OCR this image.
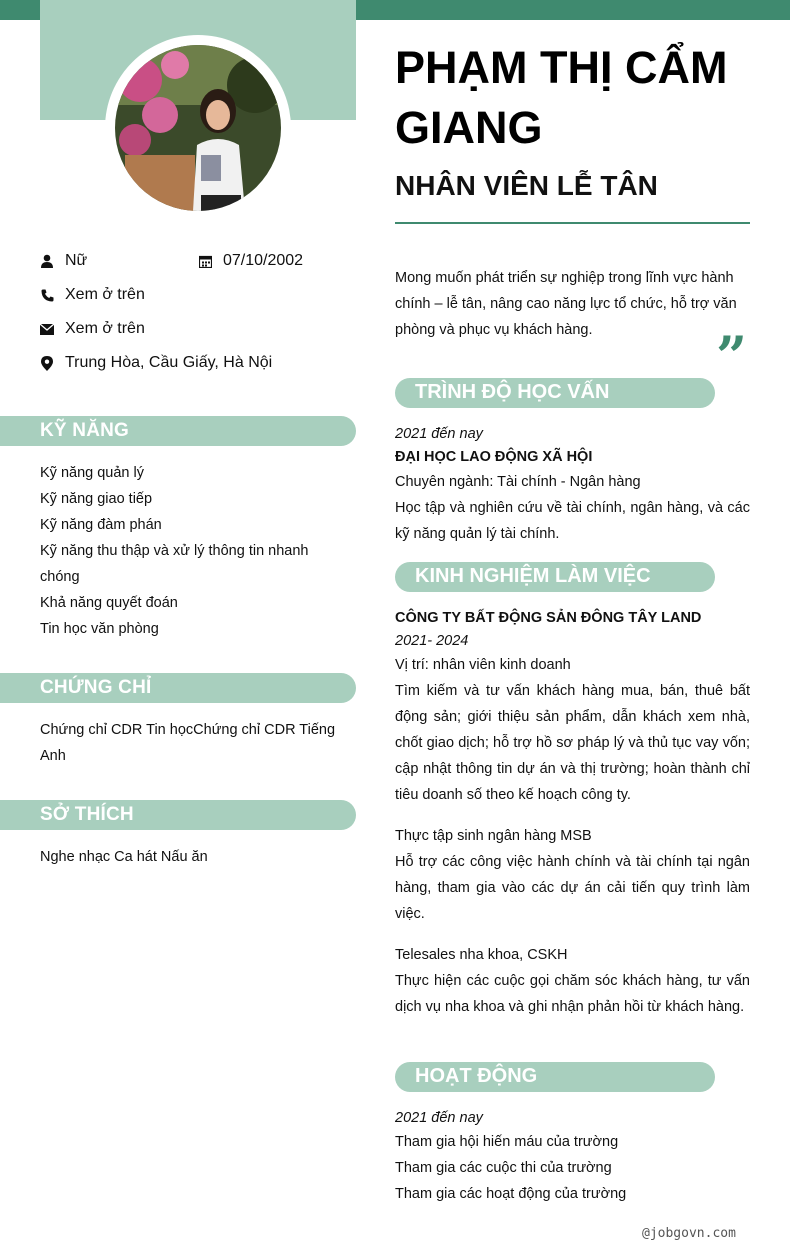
Nữ	07/10/2002
Xem ở trên
Xem ở trên
Trung Hòa, Cầu Giấy, Hà Nội
KỸ NĂNG
Kỹ năng quản lý
Kỹ năng giao tiếp
Kỹ năng đàm phán
Kỹ năng thu thập và xử lý thông tin nhanh chóng
Khả năng quyết đoán
Tin học văn phòng
CHỨNG CHỈ
Chứng chỉ CDR Tin họcChứng chỉ CDR Tiếng Anh
SỞ THÍCH
Nghe nhạc Ca hát Nấu ăn
PHẠM THỊ CẨM GIANG
NHÂN VIÊN LỄ TÂN
Mong muốn phát triển sự nghiệp trong lĩnh vực hành chính – lễ tân, nâng cao năng lực tổ chức, hỗ trợ văn phòng và phục vụ khách hàng.	”
TRÌNH ĐỘ HỌC VẤN
2021 đến nay
ĐẠI HỌC LAO ĐỘNG XÃ HỘI
Chuyên ngành: Tài chính - Ngân hàng
Học tập và nghiên cứu về tài chính, ngân hàng, và các kỹ năng quản lý tài chính.
KINH NGHIỆM LÀM VIỆC
CÔNG TY BẤT ĐỘNG SẢN ĐÔNG TÂY LAND
2021- 2024
Vị trí: nhân viên kinh doanh
Tìm kiếm và tư vấn khách hàng mua, bán, thuê bất động sản; giới thiệu sản phẩm, dẫn khách xem nhà, chốt giao dịch; hỗ trợ hồ sơ pháp lý và thủ tục vay vốn; cập nhật thông tin dự án và thị trường; hoàn thành chỉ tiêu doanh số theo kế hoạch công ty.
Thực tập sinh ngân hàng MSB
Hỗ trợ các công việc hành chính và tài chính tại ngân hàng, tham gia vào các dự án cải tiến quy trình làm việc.
Telesales nha khoa, CSKH
Thực hiện các cuộc gọi chăm sóc khách hàng, tư vấn dịch vụ nha khoa và ghi nhận phản hồi từ khách hàng.
HOẠT ĐỘNG
2021 đến nay
Tham gia hội hiến máu của trường
Tham gia các cuộc thi của trường
Tham gia các hoạt động của trường
@jobgovn.com
